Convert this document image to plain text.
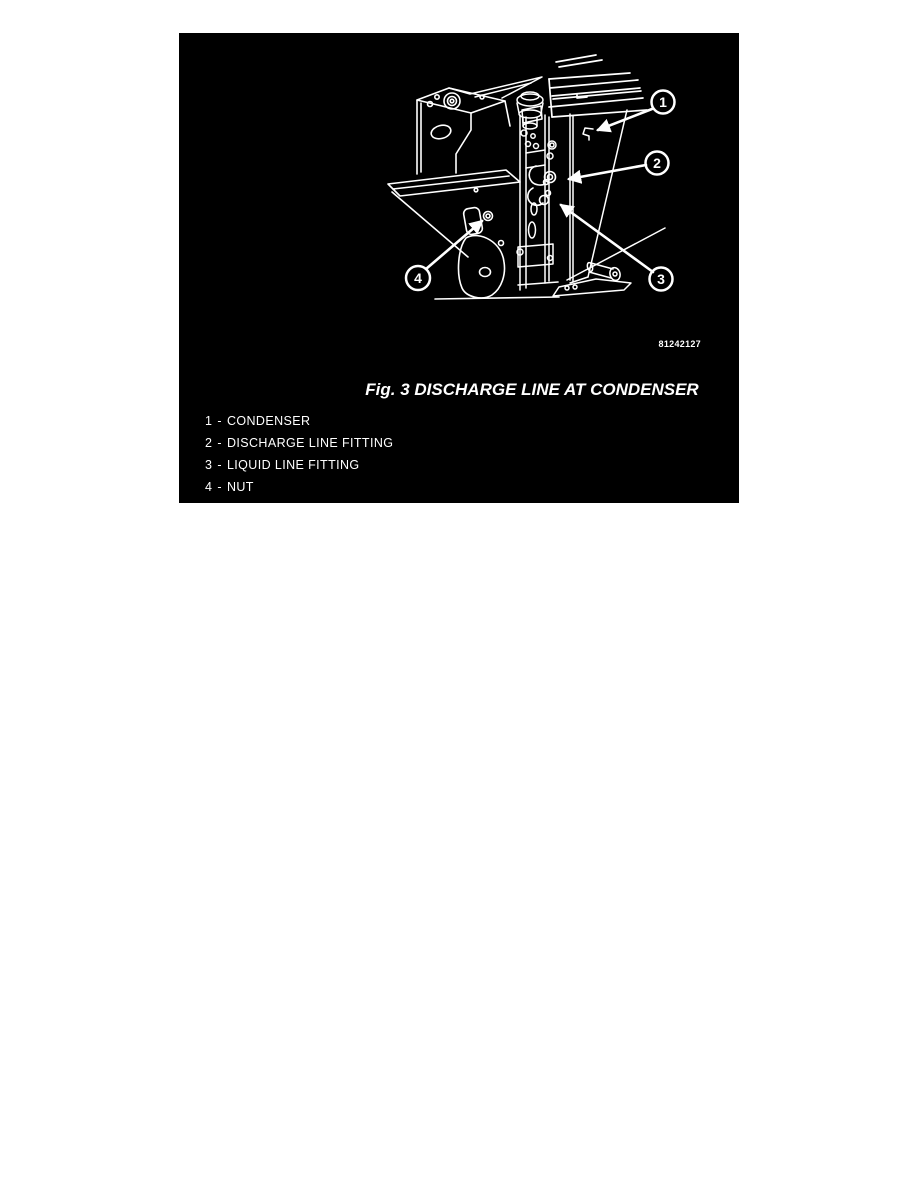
1
2
3
4
81242127
Fig. 3 DISCHARGE LINE AT CONDENSER
1 - CONDENSER
2 - DISCHARGE LINE FITTING
3 - LIQUID LINE FITTING
4 - NUT
